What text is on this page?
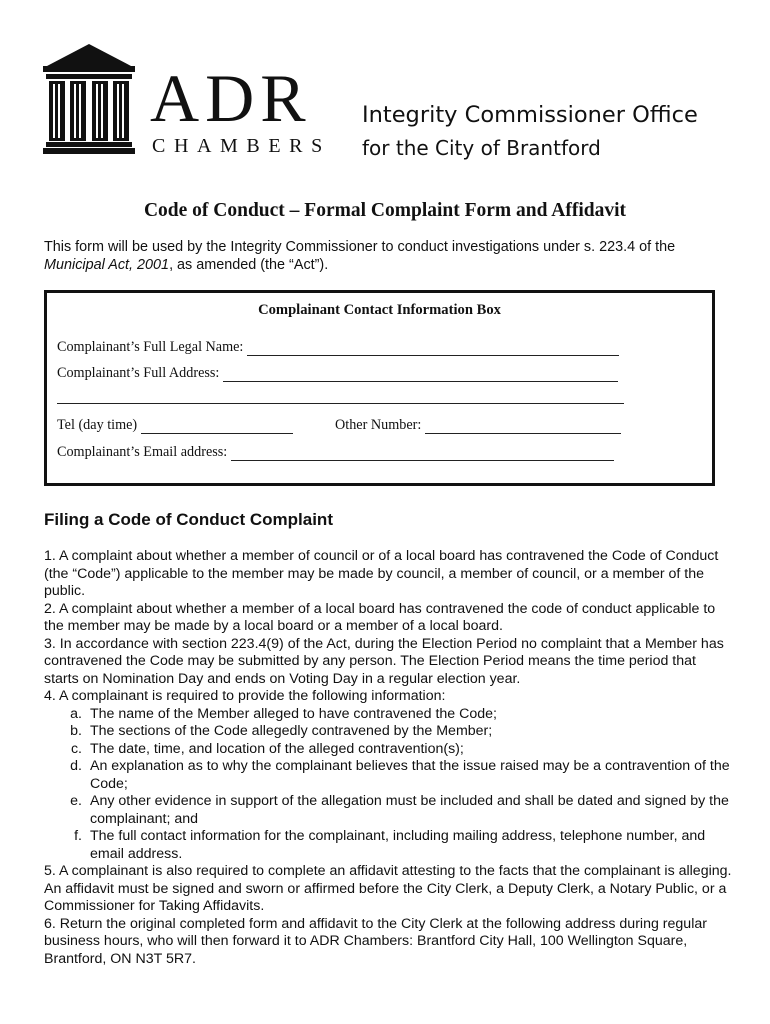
ADR
CHAMBERS
Integrity Commissioner Office
for the City of Brantford
Code of Conduct – Formal Complaint Form and Affidavit
This form will be used by the Integrity Commissioner to conduct investigations under s. 223.4 of the Municipal Act, 2001, as amended (the “Act”).
Complainant Contact Information Box
Complainant’s Full Legal Name:
Complainant’s Full Address:
Tel (day time)	Other Number:
Complainant’s Email address:
Filing a Code of Conduct Complaint

1. A complaint about whether a member of council or of a local board has contravened the Code of Conduct (the “Code”) applicable to the member may be made by council, a member of council, or a member of the public.

2. A complaint about whether a member of a local board has contravened the code of conduct applicable to the member may be made by a local board or a member of a local board.

3. In accordance with section 223.4(9) of the Act, during the Election Period no complaint that a Member has contravened the Code may be submitted by any person. The Election Period means the time period that starts on Nomination Day and ends on Voting Day in a regular election year.

4. A complainant is required to provide the following information:

a. The name of the Member alleged to have contravened the Code;
b. The sections of the Code allegedly contravened by the Member;
c. The date, time, and location of the alleged contravention(s);
d. An explanation as to why the complainant believes that the issue raised may be a contravention of the Code;
e. Any other evidence in support of the allegation must be included and shall be dated and signed by the complainant; and
f. The full contact information for the complainant, including mailing address, telephone number, and email address.

5. A complainant is also required to complete an affidavit attesting to the facts that the complainant is alleging. An affidavit must be signed and sworn or affirmed before the City Clerk, a Deputy Clerk, a Notary Public, or a Commissioner for Taking Affidavits.

6. Return the original completed form and affidavit to the City Clerk at the following address during regular business hours, who will then forward it to ADR Chambers: Brantford City Hall, 100 Wellington Square, Brantford, ON N3T 5R7.
